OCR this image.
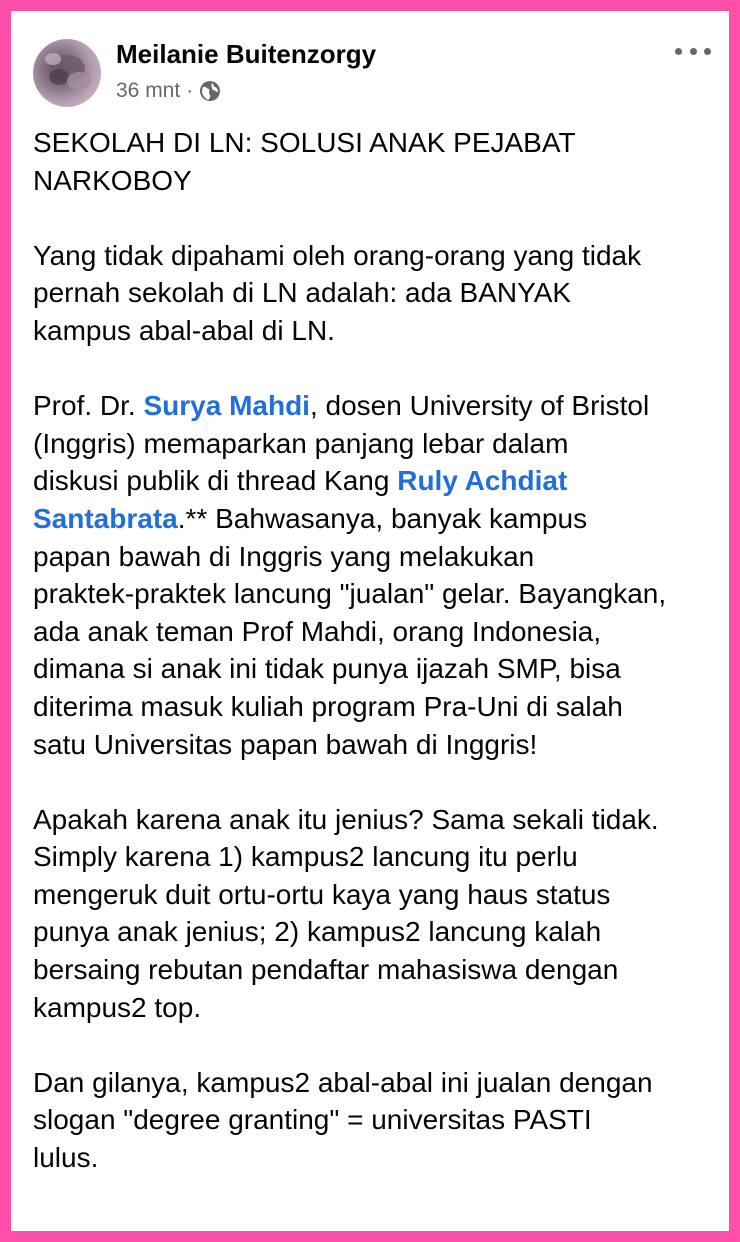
Meilanie Buitenzorgy
36 mnt ·

SEKOLAH DI LN: SOLUSI ANAK PEJABAT
NARKOBOY

Yang tidak dipahami oleh orang-orang yang tidak
pernah sekolah di LN adalah: ada BANYAK
kampus abal-abal di LN.

Prof. Dr. Surya Mahdi, dosen University of Bristol
(Inggris) memaparkan panjang lebar dalam
diskusi publik di thread Kang Ruly Achdiat
Santabrata.** Bahwasanya, banyak kampus
papan bawah di Inggris yang melakukan
praktek-praktek lancung "jualan" gelar. Bayangkan,
ada anak teman Prof Mahdi, orang Indonesia,
dimana si anak ini tidak punya ijazah SMP, bisa
diterima masuk kuliah program Pra-Uni di salah
satu Universitas papan bawah di Inggris!

Apakah karena anak itu jenius? Sama sekali tidak.
Simply karena 1) kampus2 lancung itu perlu
mengeruk duit ortu-ortu kaya yang haus status
punya anak jenius; 2) kampus2 lancung kalah
bersaing rebutan pendaftar mahasiswa dengan
kampus2 top.

Dan gilanya, kampus2 abal-abal ini jualan dengan
slogan "degree granting" = universitas PASTI
lulus.
